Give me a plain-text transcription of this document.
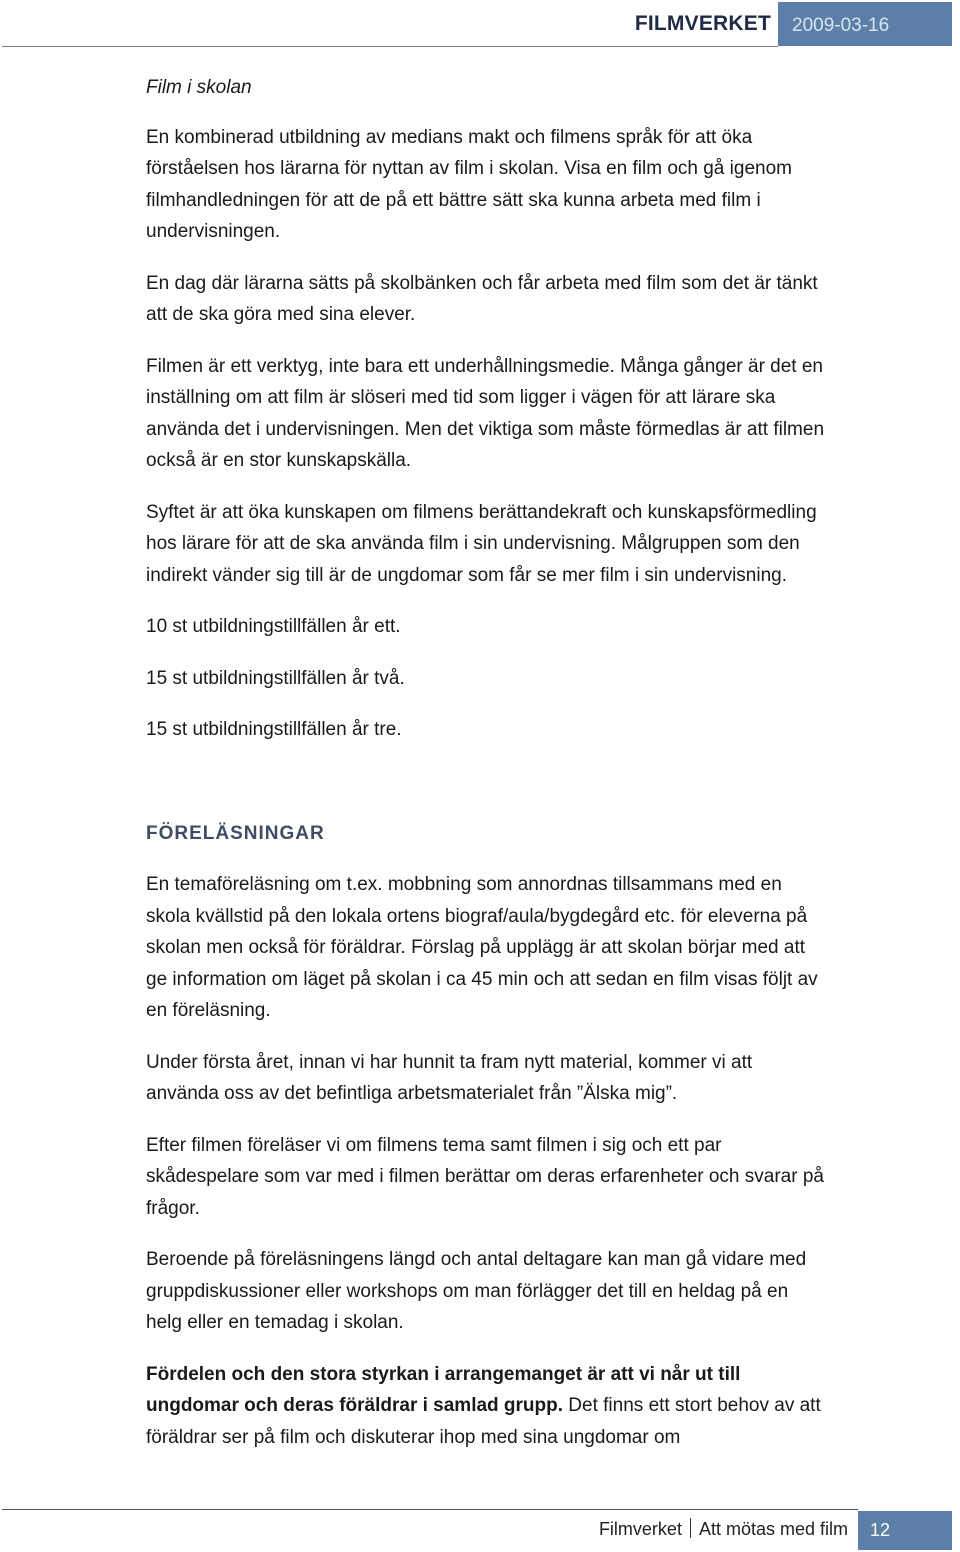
FILMVERKET	2009-03-16

Film i skolan

En kombinerad utbildning av medians makt och filmens språk för att öka förståelsen hos lärarna för nyttan av film i skolan. Visa en film och gå igenom filmhandledningen för att de på ett bättre sätt ska kunna arbeta med film i undervisningen.

En dag där lärarna sätts på skolbänken och får arbeta med film som det är tänkt att de ska göra med sina elever.

Filmen är ett verktyg, inte bara ett underhållningsmedie. Många gånger är det en inställning om att film är slöseri med tid som ligger i vägen för att lärare ska använda det i undervisningen. Men det viktiga som måste förmedlas är att filmen också är en stor kunskapskälla.

Syftet är att öka kunskapen om filmens berättandekraft och kunskapsförmedling hos lärare för att de ska använda film i sin undervisning. Målgruppen som den indirekt vänder sig till är de ungdomar som får se mer film i sin undervisning.

10 st utbildningstillfällen år ett.

15 st utbildningstillfällen år två.

15 st utbildningstillfällen år tre.

FÖRELÄSNINGAR

En temaföreläsning om t.ex. mobbning som annordnas tillsammans med en skola kvällstid på den lokala ortens biograf/aula/bygdegård etc. för eleverna på skolan men också för föräldrar. Förslag på upplägg är att skolan börjar med att ge information om läget på skolan i ca 45 min och att sedan en film visas följt av en föreläsning.

Under första året, innan vi har hunnit ta fram nytt material, kommer vi att använda oss av det befintliga arbetsmaterialet från ”Älska mig”.

Efter filmen föreläser vi om filmens tema samt filmen i sig och ett par skådespelare som var med i filmen berättar om deras erfarenheter och svarar på frågor.

Beroende på föreläsningens längd och antal deltagare kan man gå vidare med gruppdiskussioner eller workshops om man förlägger det till en heldag på en helg eller en temadag i skolan.

Fördelen och den stora styrkan i arrangemanget är att vi når ut till ungdomar och deras föräldrar i samlad grupp. Det finns ett stort behov av att föräldrar ser på film och diskuterar ihop med sina ungdomar om

Filmverket Att mötas med film	12
